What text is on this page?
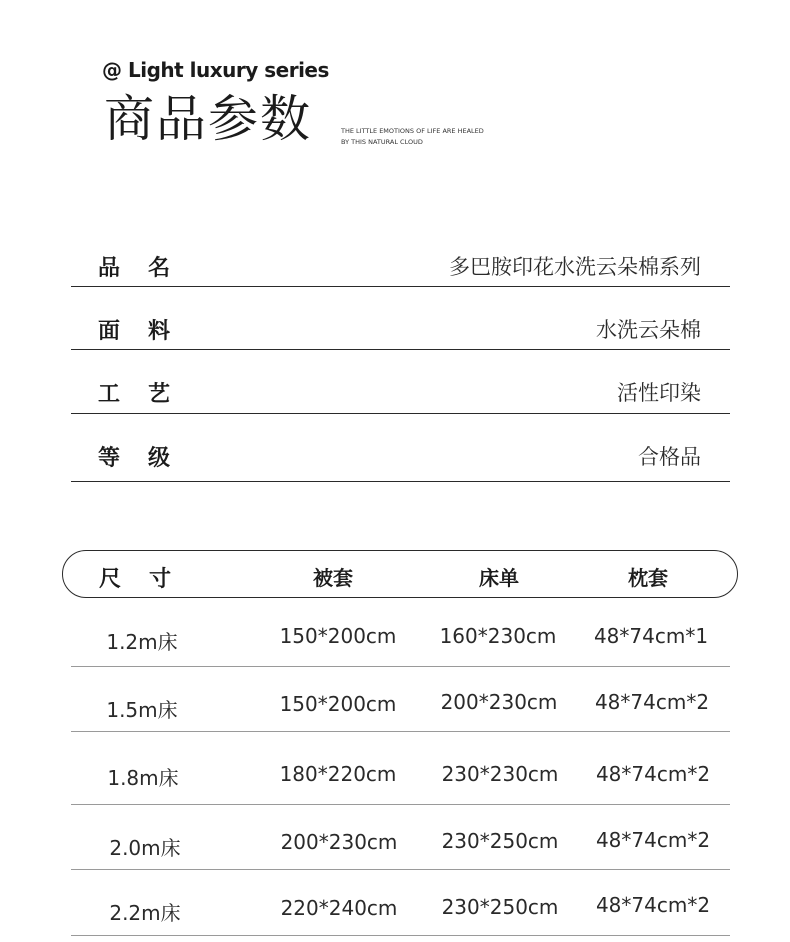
@ Light luxury series
商品参数	THE LITTLE EMOTIONS OF LIFE ARE HEALED
BY THIS NATURAL CLOUD
品名	多巴胺印花水洗云朵棉系列
面料	水洗云朵棉
工艺	活性印染
等级	合格品
尺寸	被套	床单	枕套
1.2m床	150*200cm 160*230cm 48*74cm*1
1.5m床	150*200cm 200*230cm 48*74cm*2
1.8m床	180*220cm 230*230cm 48*74cm*2
2.0m床	200*230cm 230*250cm 48*74cm*2
2.2m床	220*240cm 230*250cm 48*74cm*2
